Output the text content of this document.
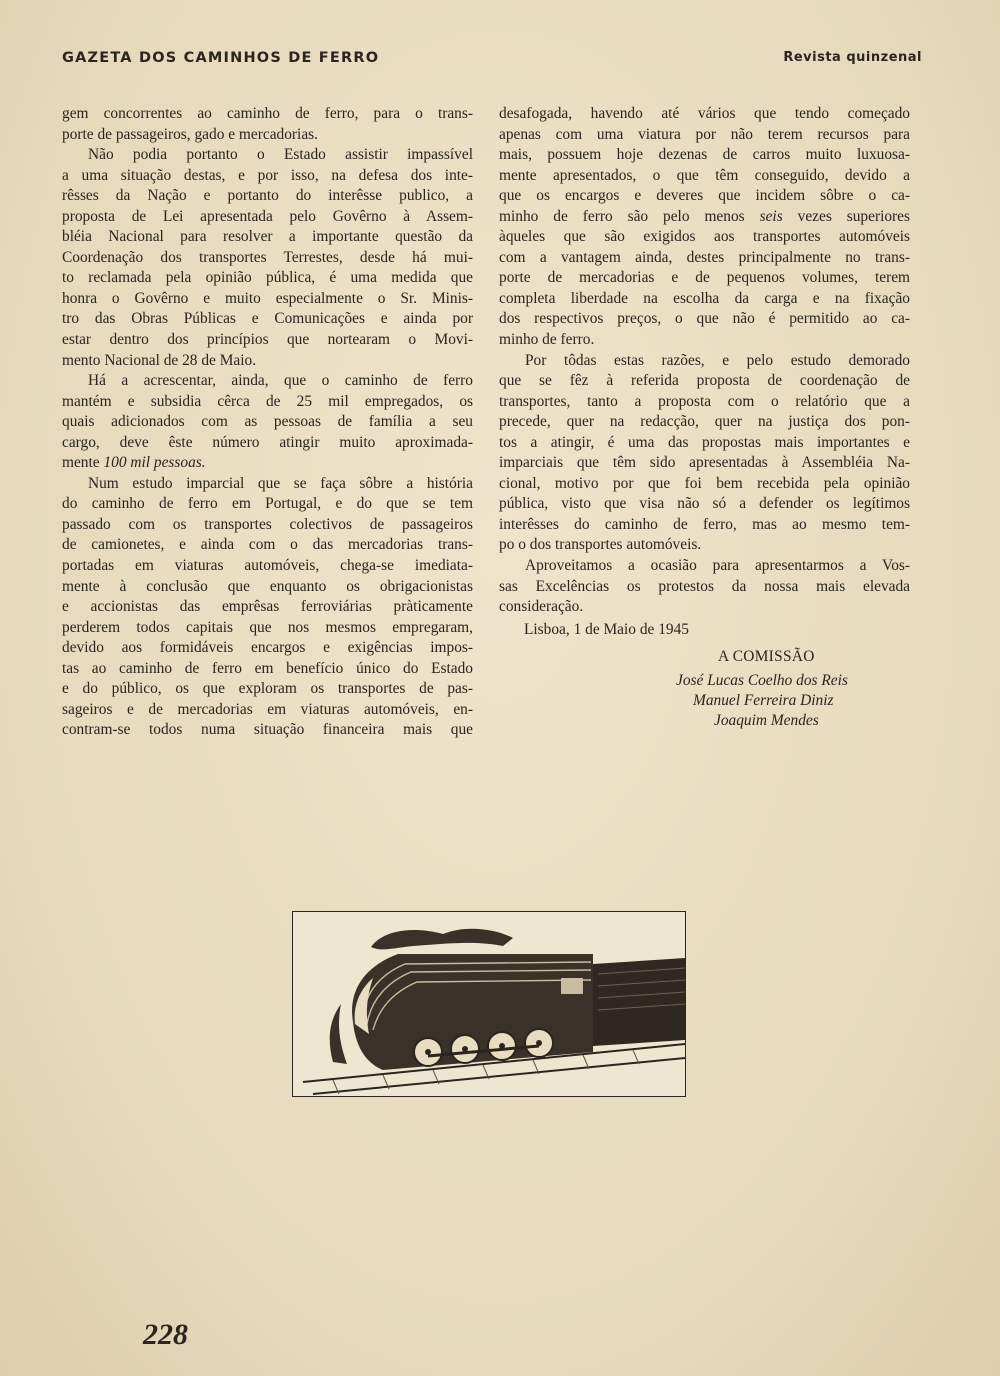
GAZETA DOS CAMINHOS DE FERRO	Revista quinzenal

gem concorrentes ao caminho de ferro, para o trans-
porte de passageiros, gado e mercadorias.

Não podia portanto o Estado assistir impassível
a uma situação destas, e por isso, na defesa dos inte-
rêsses da Nação e portanto do interêsse publico, a
proposta de Lei apresentada pelo Govêrno à Assem-
bléia Nacional para resolver a importante questão da
Coordenação dos transportes Terrestes, desde há mui-
to reclamada pela opinião pública, é uma medida que
honra o Govêrno e muito especialmente o Sr. Minis-
tro das Obras Públicas e Comunicações e ainda por
estar dentro dos princípios que nortearam o Movi-
mento Nacional de 28 de Maio.

Há a acrescentar, ainda, que o caminho de ferro
mantém e subsidia cêrca de 25 mil empregados, os
quais adicionados com as pessoas de família a seu
cargo, deve êste número atingir muito aproximada-
mente 100 mil pessoas.

Num estudo imparcial que se faça sôbre a história
do caminho de ferro em Portugal, e do que se tem
passado com os transportes colectivos de passageiros
de camionetes, e ainda com o das mercadorias trans-
portadas em viaturas automóveis, chega-se imediata-
mente à conclusão que enquanto os obrigacionistas
e accionistas das emprêsas ferroviárias pràticamente
perderem todos capitais que nos mesmos empregaram,
devido aos formidáveis encargos e exigências impos-
tas ao caminho de ferro em benefício único do Estado
e do público, os que exploram os transportes de pas-
sageiros e de mercadorias em viaturas automóveis, en-
contram-se todos numa situação financeira mais que

desafogada, havendo até vários que tendo começado
apenas com uma viatura por não terem recursos para
mais, possuem hoje dezenas de carros muito luxuosa-
mente apresentados, o que têm conseguido, devido a
que os encargos e deveres que incidem sôbre o ca-
minho de ferro são pelo menos seis vezes superiores
àqueles que são exigidos aos transportes automóveis
com a vantagem ainda, destes principalmente no trans-
porte de mercadorias e de pequenos volumes, terem
completa liberdade na escolha da carga e na fixação
dos respectivos preços, o que não é permitido ao ca-
minho de ferro.

Por tôdas estas razões, e pelo estudo demorado
que se fêz à referida proposta de coordenação de
transportes, tanto a proposta com o relatório que a
precede, quer na redacção, quer na justiça dos pon-
tos a atingir, é uma das propostas mais importantes e
imparciais que têm sido apresentadas à Assembléia Na-
cional, motivo por que foi bem recebida pela opinião
pública, visto que visa não só a defender os legítimos
interêsses do caminho de ferro, mas ao mesmo tem-
po o dos transportes automóveis.

Aproveitamos a ocasião para apresentarmos a Vos-
sas Excelências os protestos da nossa mais elevada
consideração.

Lisboa, 1 de Maio de 1945
A COMISSÃO
José Lucas Coelho dos Reis
Manuel Ferreira Diniz
Joaquim Mendes
228
